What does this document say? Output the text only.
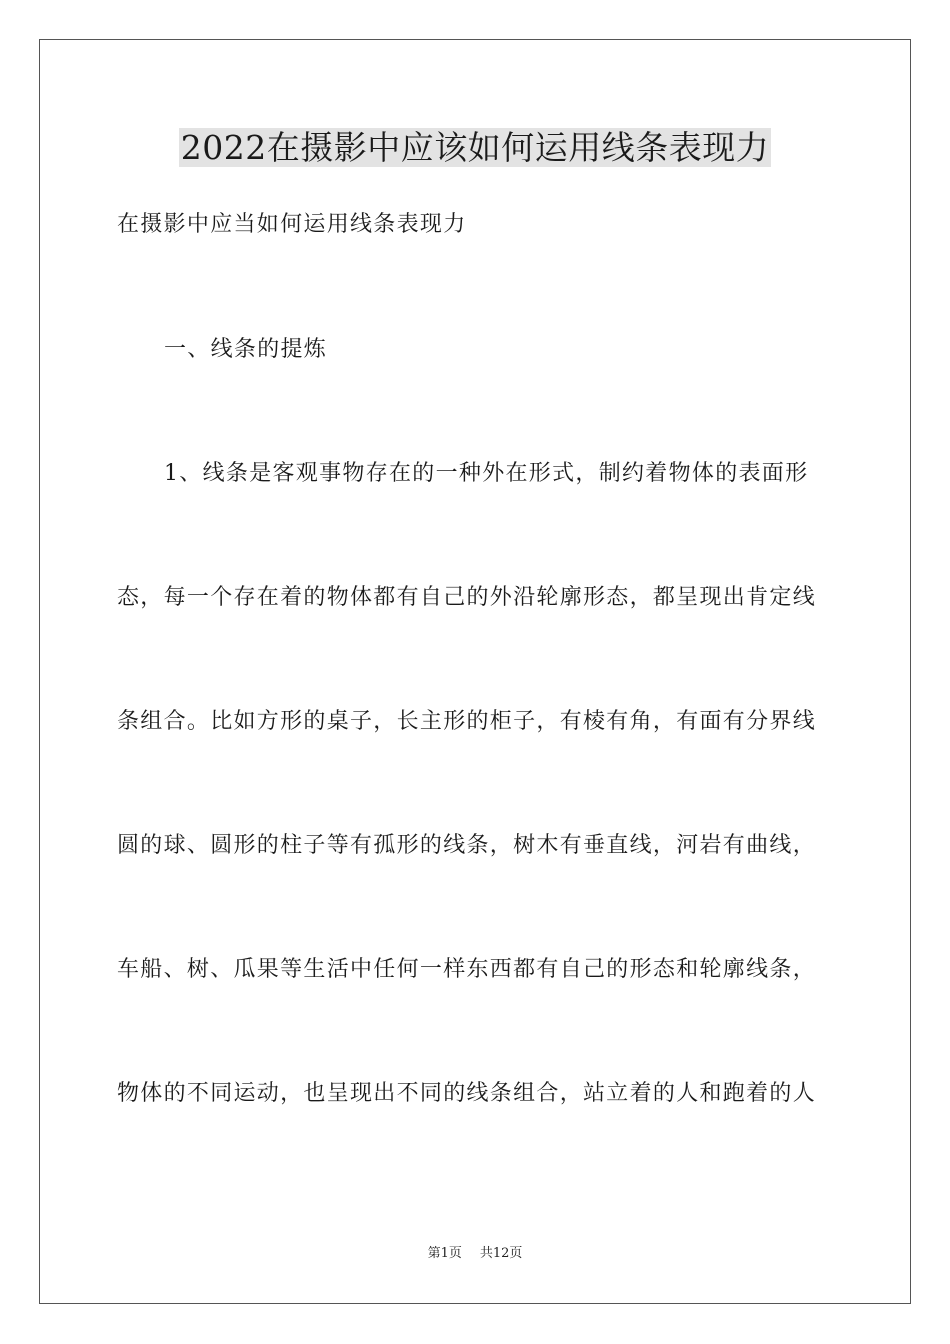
2022在摄影中应该如何运用线条表现力
在摄影中应当如何运用线条表现力
一、线条的提炼
1、线条是客观事物存在的一种外在形式，制约着物体的表面形
态，每一个存在着的物体都有自己的外沿轮廓形态，都呈现出肯定线
条组合。比如方形的桌子，长主形的柜子，有棱有角，有面有分界线
圆的球、圆形的柱子等有孤形的线条，树木有垂直线，河岩有曲线，
车船、树、瓜果等生活中任何一样东西都有自己的形态和轮廓线条，
物体的不同运动，也呈现出不同的线条组合，站立着的人和跑着的人
第1页 共12页
